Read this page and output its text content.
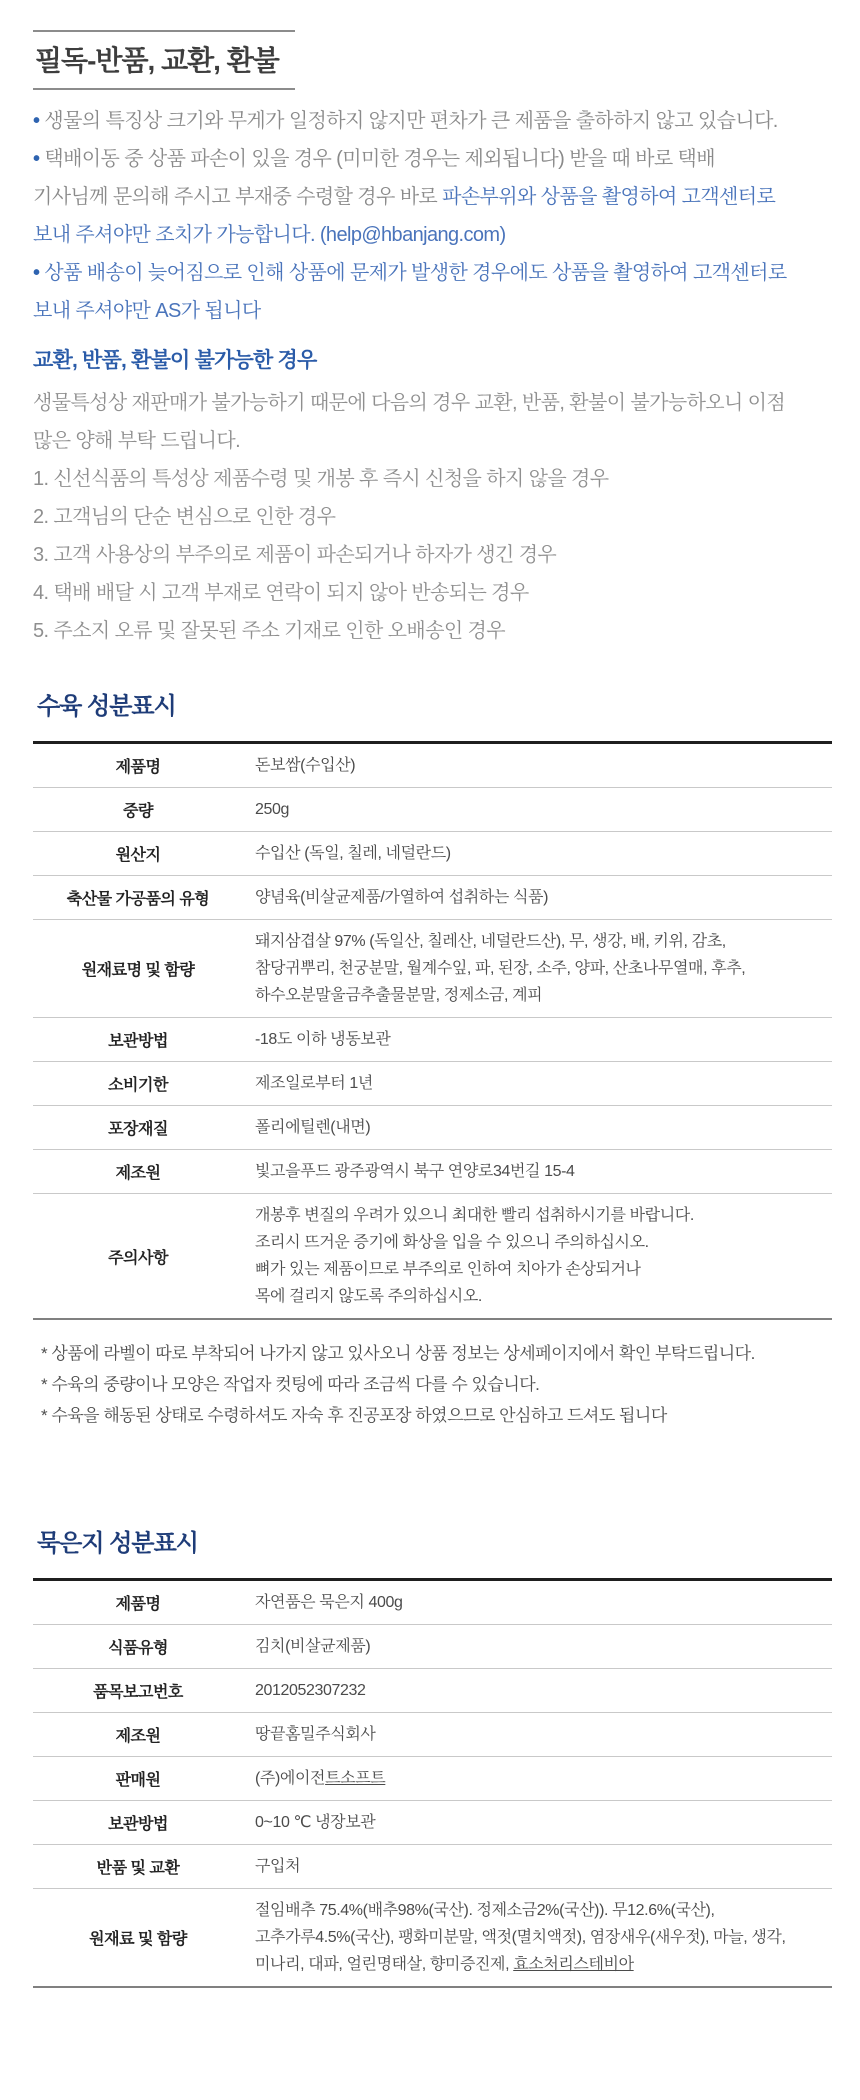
필독-반품, 교환, 환불
• 생물의 특징상 크기와 무게가 일정하지 않지만 편차가 큰 제품을 출하하지 않고 있습니다.
• 택배이동 중 상품 파손이 있을 경우 (미미한 경우는 제외됩니다) 받을 때 바로 택배
기사님께 문의해 주시고 부재중 수령할 경우 바로 파손부위와 상품을 촬영하여 고객센터로
보내 주셔야만 조치가 가능합니다. (help@hbanjang.com)
• 상품 배송이 늦어짐으로 인해 상품에 문제가 발생한 경우에도 상품을 촬영하여 고객센터로
보내 주셔야만 AS가 됩니다
교환, 반품, 환불이 불가능한 경우
생물특성상 재판매가 불가능하기 때문에 다음의 경우 교환, 반품, 환불이 불가능하오니 이점
많은 양해 부탁 드립니다.
1. 신선식품의 특성상 제품수령 및 개봉 후 즉시 신청을 하지 않을 경우
2. 고객님의 단순 변심으로 인한 경우
3. 고객 사용상의 부주의로 제품이 파손되거나 하자가 생긴 경우
4. 택배 배달 시 고객 부재로 연락이 되지 않아 반송되는 경우
5. 주소지 오류 및 잘못된 주소 기재로 인한 오배송인 경우
수육 성분표시
제품명	돈보쌈(수입산)
중량	250g
원산지	수입산 (독일, 칠레, 네덜란드)
축산물 가공품의 유형	양념육(비살균제품/가열하여 섭취하는 식품)
원재료명 및 함량
돼지삼겹살 97% (독일산, 칠레산, 네덜란드산), 무, 생강, 배, 키위, 감초,
참당귀뿌리, 천궁분말, 월계수잎, 파, 된장, 소주, 양파, 산초나무열매, 후추,
하수오분말울금추출물분말, 정제소금, 계피
보관방법	-18도 이하 냉동보관
소비기한	제조일로부터 1년
포장재질	폴리에틸렌(내면)
제조원	빛고을푸드 광주광역시 북구 연양로34번길 15-4
주의사항
개봉후 변질의 우려가 있으니 최대한 빨리 섭취하시기를 바랍니다.
조리시 뜨거운 증기에 화상을 입을 수 있으니 주의하십시오.
뼈가 있는 제품이므로 부주의로 인하여 치아가 손상되거나
목에 걸리지 않도록 주의하십시오.
* 상품에 라벨이 따로 부착되어 나가지 않고 있사오니 상품 정보는 상세페이지에서 확인 부탁드립니다.
* 수육의 중량이나 모양은 작업자 컷팅에 따라 조금씩 다를 수 있습니다.
* 수육을 해동된 상태로 수령하셔도 자숙 후 진공포장 하였으므로 안심하고 드셔도 됩니다
묵은지 성분표시
제품명	자연품은 묵은지 400g
식품유형	김치(비살균제품)
품목보고번호	2012052307232
제조원	땅끝홈밀주식회사
판매원	(주)에이전트소프트
보관방법	0~10 ℃ 냉장보관
반품 및 교환	구입처
원재료 및 함량
절임배추 75.4%(배추98%(국산). 정제소금2%(국산)). 무12.6%(국산),
고추가루4.5%(국산), 팽화미분말, 액젓(멸치액젓), 염장새우(새우젓), 마늘, 생각,
미나리, 대파, 얼린명태살, 향미증진제, 효소처리스테비아
